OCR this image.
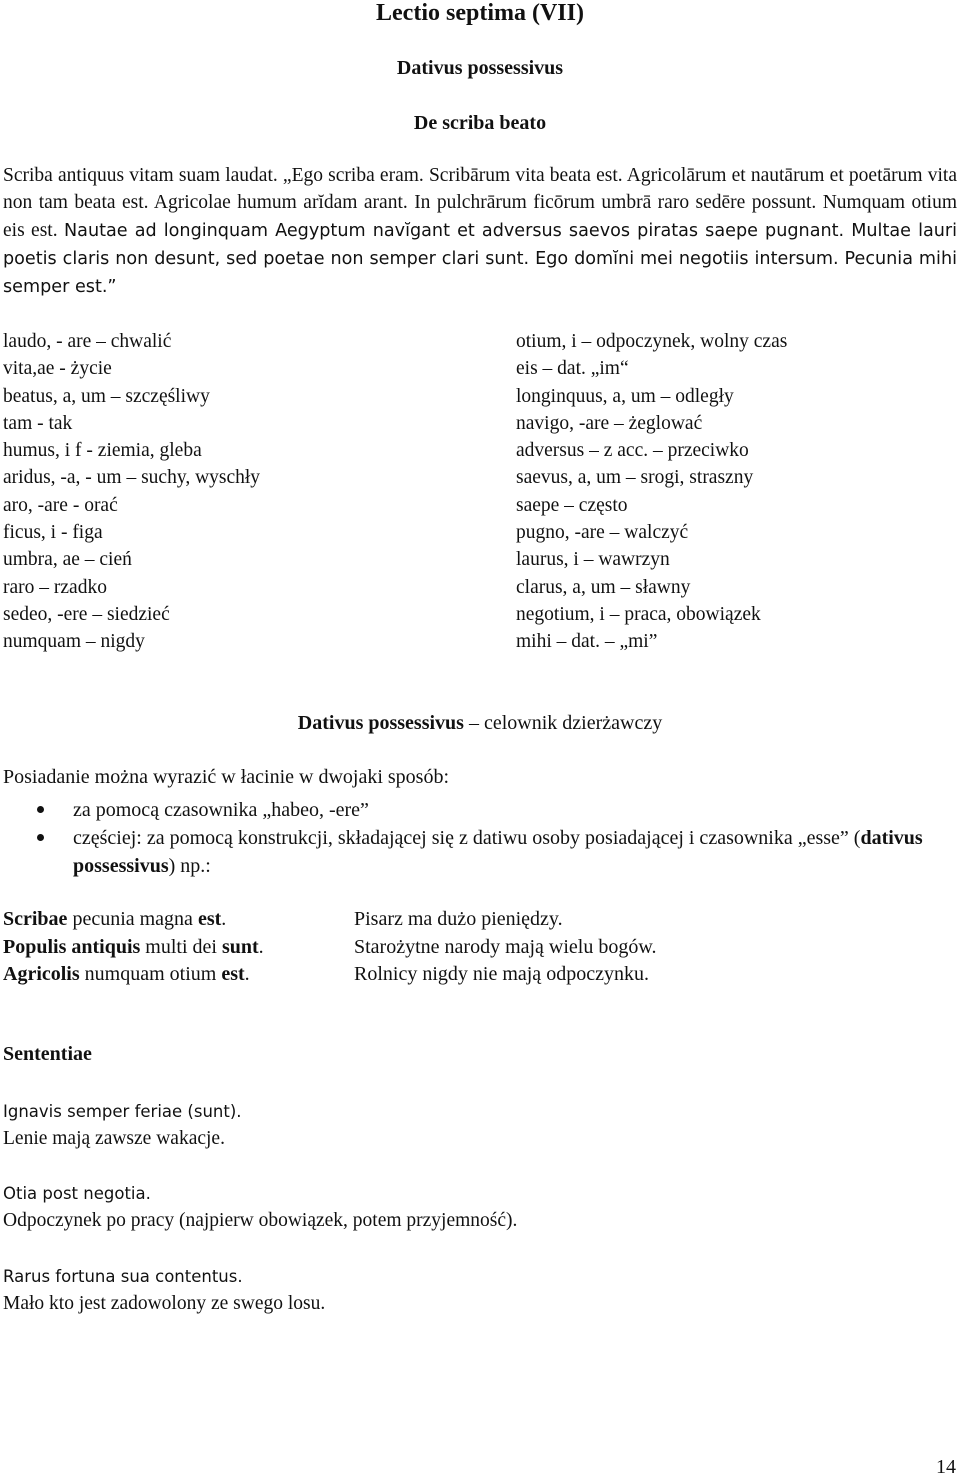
Lectio septima (VII)
Dativus possessivus
De scriba beato
Scriba antiquus vitam suam laudat. „Ego scriba eram. Scribārum vita beata est. Agricolārum et nautārum et poetārum vita non tam beata est. Agricolae humum arĭdam arant. In pulchrārum ficōrum umbrā raro sedēre possunt. Numquam otium eis est. Nautae ad longinquam Aegyptum navĭgant et adversus saevos piratas saepe pugnant. Multae lauri poetis claris non desunt, sed poetae non semper clari sunt. Ego domĭni mei negotiis intersum. Pecunia mihi semper est.”
laudo, - are – chwalić
vita,ae - życie
beatus, a, um – szczęśliwy
tam - tak
humus, i f - ziemia, gleba
aridus, -a, - um – suchy, wyschły
aro, -are - orać
ficus, i - figa
umbra, ae – cień
raro – rzadko
sedeo, -ere – siedzieć
numquam – nigdy
otium, i – odpoczynek, wolny czas
eis – dat. „im“
longinquus, a, um – odległy
navigo, -are – żeglować
adversus – z acc. – przeciwko
saevus, a, um – srogi, straszny
saepe – często
pugno, -are – walczyć
laurus, i – wawrzyn
clarus, a, um – sławny
negotium, i – praca, obowiązek
mihi – dat. – „mi”
Dativus possessivus – celownik dzierżawczy
Posiadanie można wyrazić w łacinie w dwojaki sposób:
za pomocą czasownika „habeo, -ere”
częściej: za pomocą konstrukcji, składającej się z datiwu osoby posiadającej i czasownika „esse” (dativus possessivus) np.:
Scribae pecunia magna est.
Populis antiquis multi dei sunt.
Agricolis numquam otium est.
Pisarz ma dużo pieniędzy.
Starożytne narody mają wielu bogów.
Rolnicy nigdy nie mają odpoczynku.
Sententiae
Ignavis semper feriae (sunt).
Lenie mają zawsze wakacje.
Otia post negotia.
Odpoczynek po pracy (najpierw obowiązek, potem przyjemność).
Rarus fortuna sua contentus.
Mało kto jest zadowolony ze swego losu.
14
